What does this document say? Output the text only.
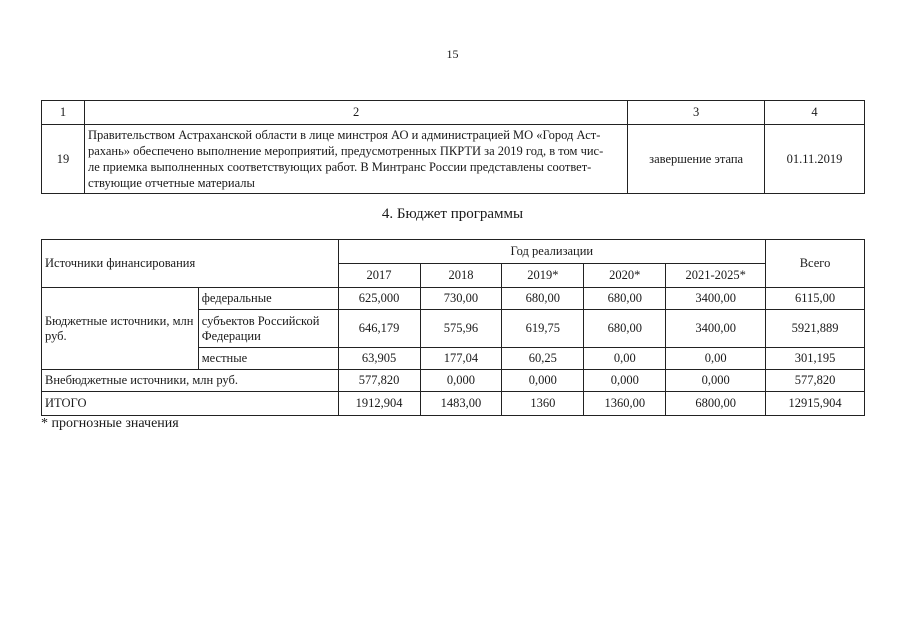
15
1	2	3	4
19	Правительством Астраханской области в лице минстроя АО и администрацией МО «Город Аст-
рахань» обеспечено выполнение мероприятий, предусмотренных ПКРТИ за 2019 год, в том чис-
ле приемка выполненных соответствующих работ. В Минтранс России представлены соответ-
ствующие отчетные материалы	завершение этапа	01.11.2019
4. Бюджет программы
Источники финансирования		Год реализации					Всего
		2017	2018	2019*	2020*	2021-2025*	
Бюджетные источники, млн руб.	федеральные	625,000	730,00	680,00	680,00	3400,00	6115,00
	субъектов Российской Федерации	646,179	575,96	619,75	680,00	3400,00	5921,889
	местные	63,905	177,04	60,25	0,00	0,00	301,195
Внебюджетные источники, млн руб.		577,820	0,000	0,000	0,000	0,000	577,820
ИТОГО		1912,904	1483,00	1360	1360,00	6800,00	12915,904
* прогнозные значения
